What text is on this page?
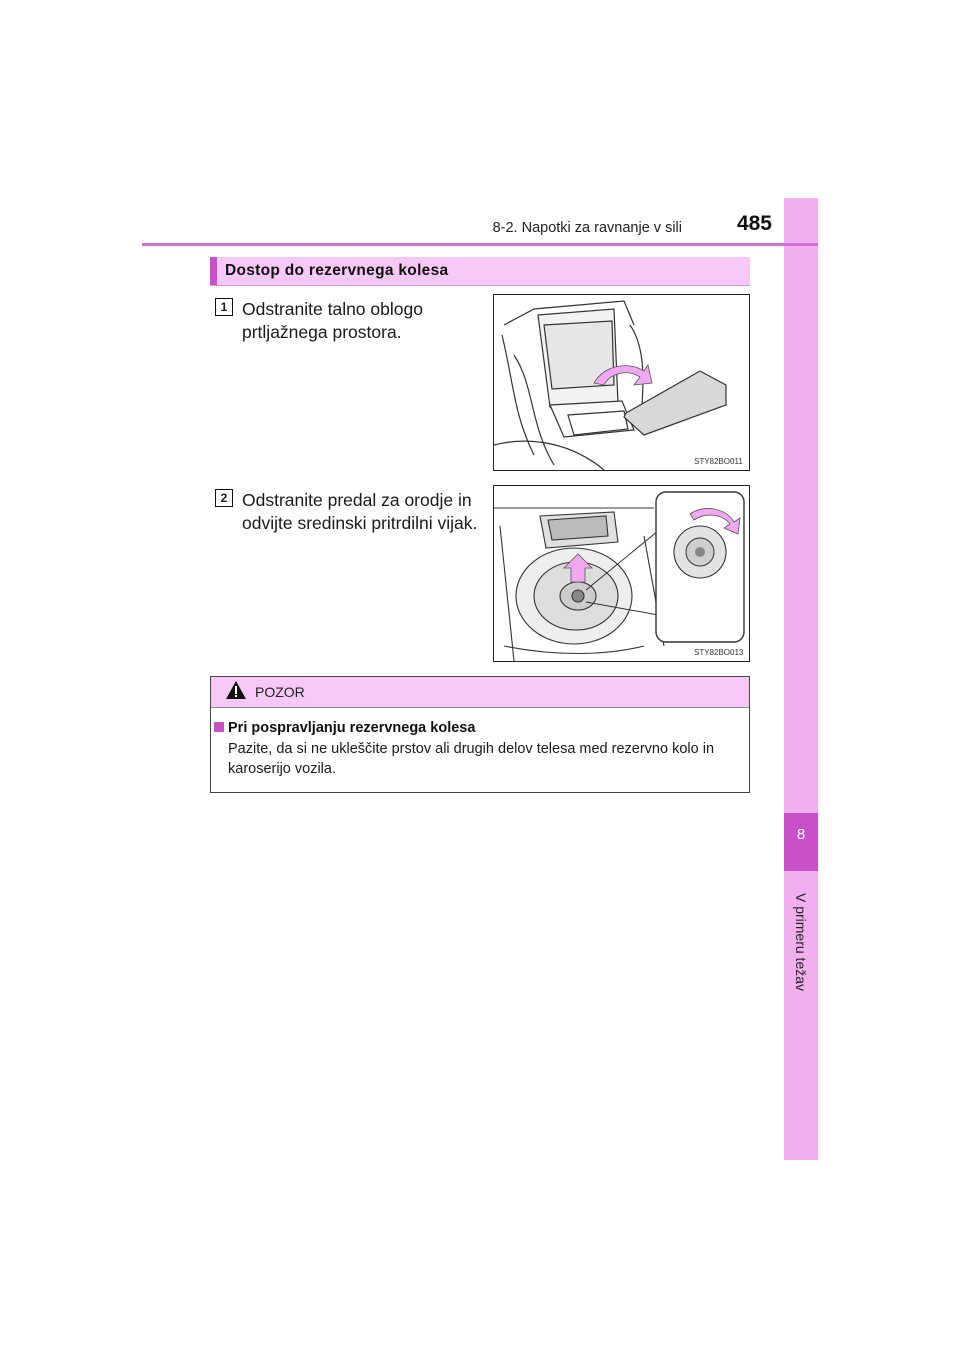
8
V primeru težav
8-2. Napotki za ravnanje v sili	485
Dostop do rezervnega kolesa
1 Odstranite talno oblogo
prtljažnega prostora.
STY82BO011
2 Odstranite predal za orodje in
odvijte sredinski pritrdilni vijak.
STY82BO013
POZOR
Pri pospravljanju rezervnega kolesa
Pazite, da si ne ukleščite prstov ali drugih delov telesa med rezervno kolo in karoserijo vozila.
